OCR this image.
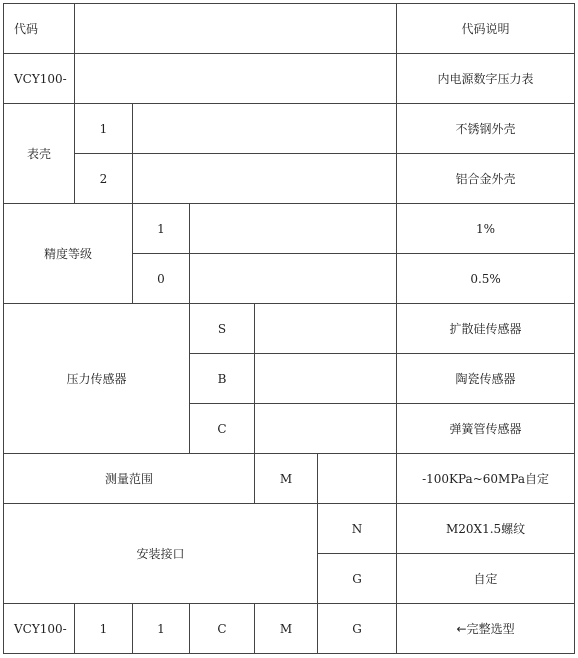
代码						代码说明
VCY100-						内电源数字压力表
表壳	1					不锈钢外壳
	2					铝合金外壳
精度等级		1				1%
		0				0.5%
压力传感器			S			扩散硅传感器
			B			陶瓷传感器
			C			弹簧管传感器
测量范围				M		-100KPa~60MPa自定
安装接口					N	M20X1.5螺纹
					G	自定
VCY100-	1	1	C	M	G	←完整选型
